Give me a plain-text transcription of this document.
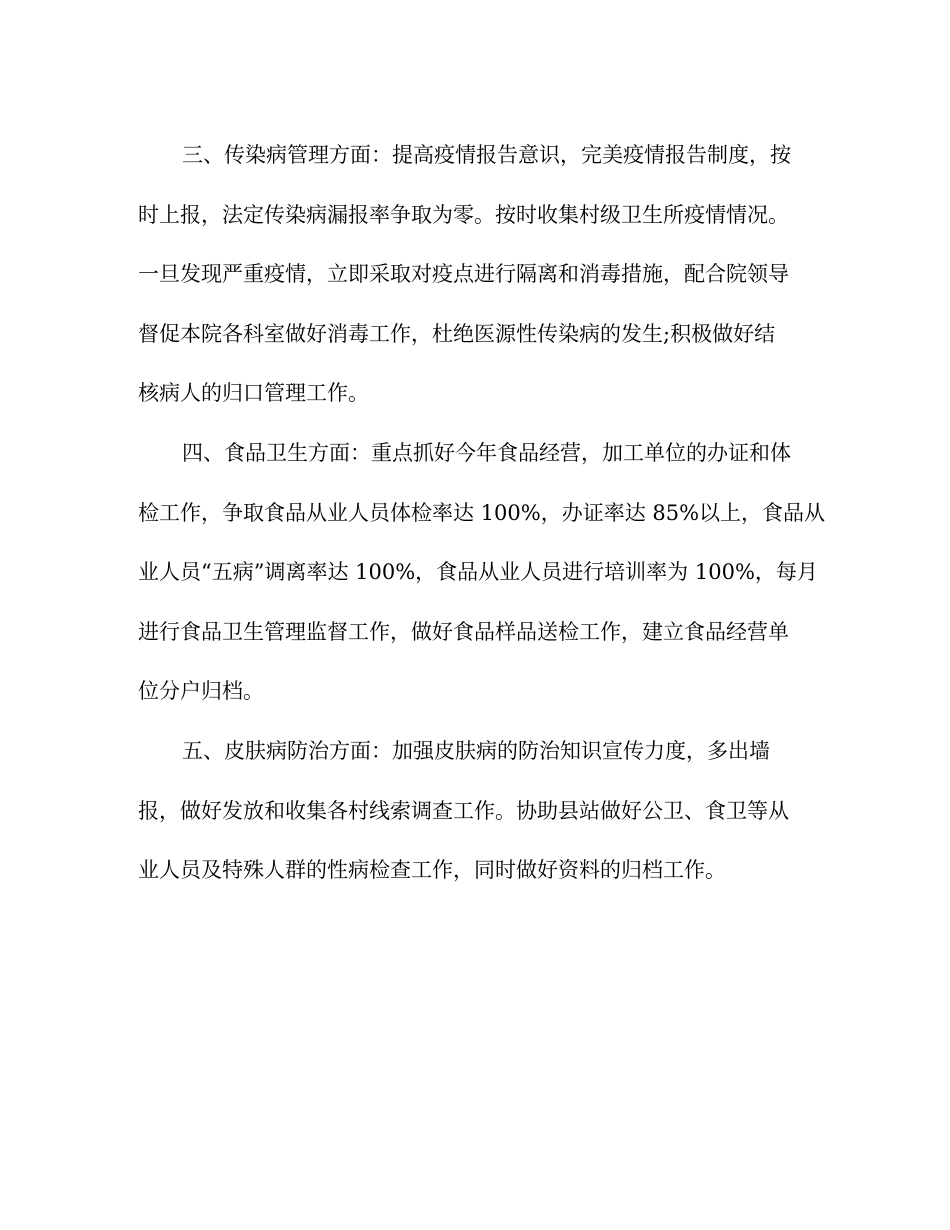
三、传染病管理方面：提高疫情报告意识，完美疫情报告制度，按
时上报，法定传染病漏报率争取为零。按时收集村级卫生所疫情情况。
一旦发现严重疫情，立即采取对疫点进行隔离和消毒措施，配合院领导
督促本院各科室做好消毒工作，杜绝医源性传染病的发生;积极做好结
核病人的归口管理工作。
四、食品卫生方面：重点抓好今年食品经营，加工单位的办证和体
检工作，争取食品从业人员体检率达 100%，办证率达 85%以上，食品从
业人员“五病”调离率达 100%，食品从业人员进行培训率为 100%，每月
进行食品卫生管理监督工作，做好食品样品送检工作，建立食品经营单
位分户归档。
五、皮肤病防治方面：加强皮肤病的防治知识宣传力度，多出墙
报，做好发放和收集各村线索调查工作。协助县站做好公卫、食卫等从
业人员及特殊人群的性病检查工作，同时做好资料的归档工作。
